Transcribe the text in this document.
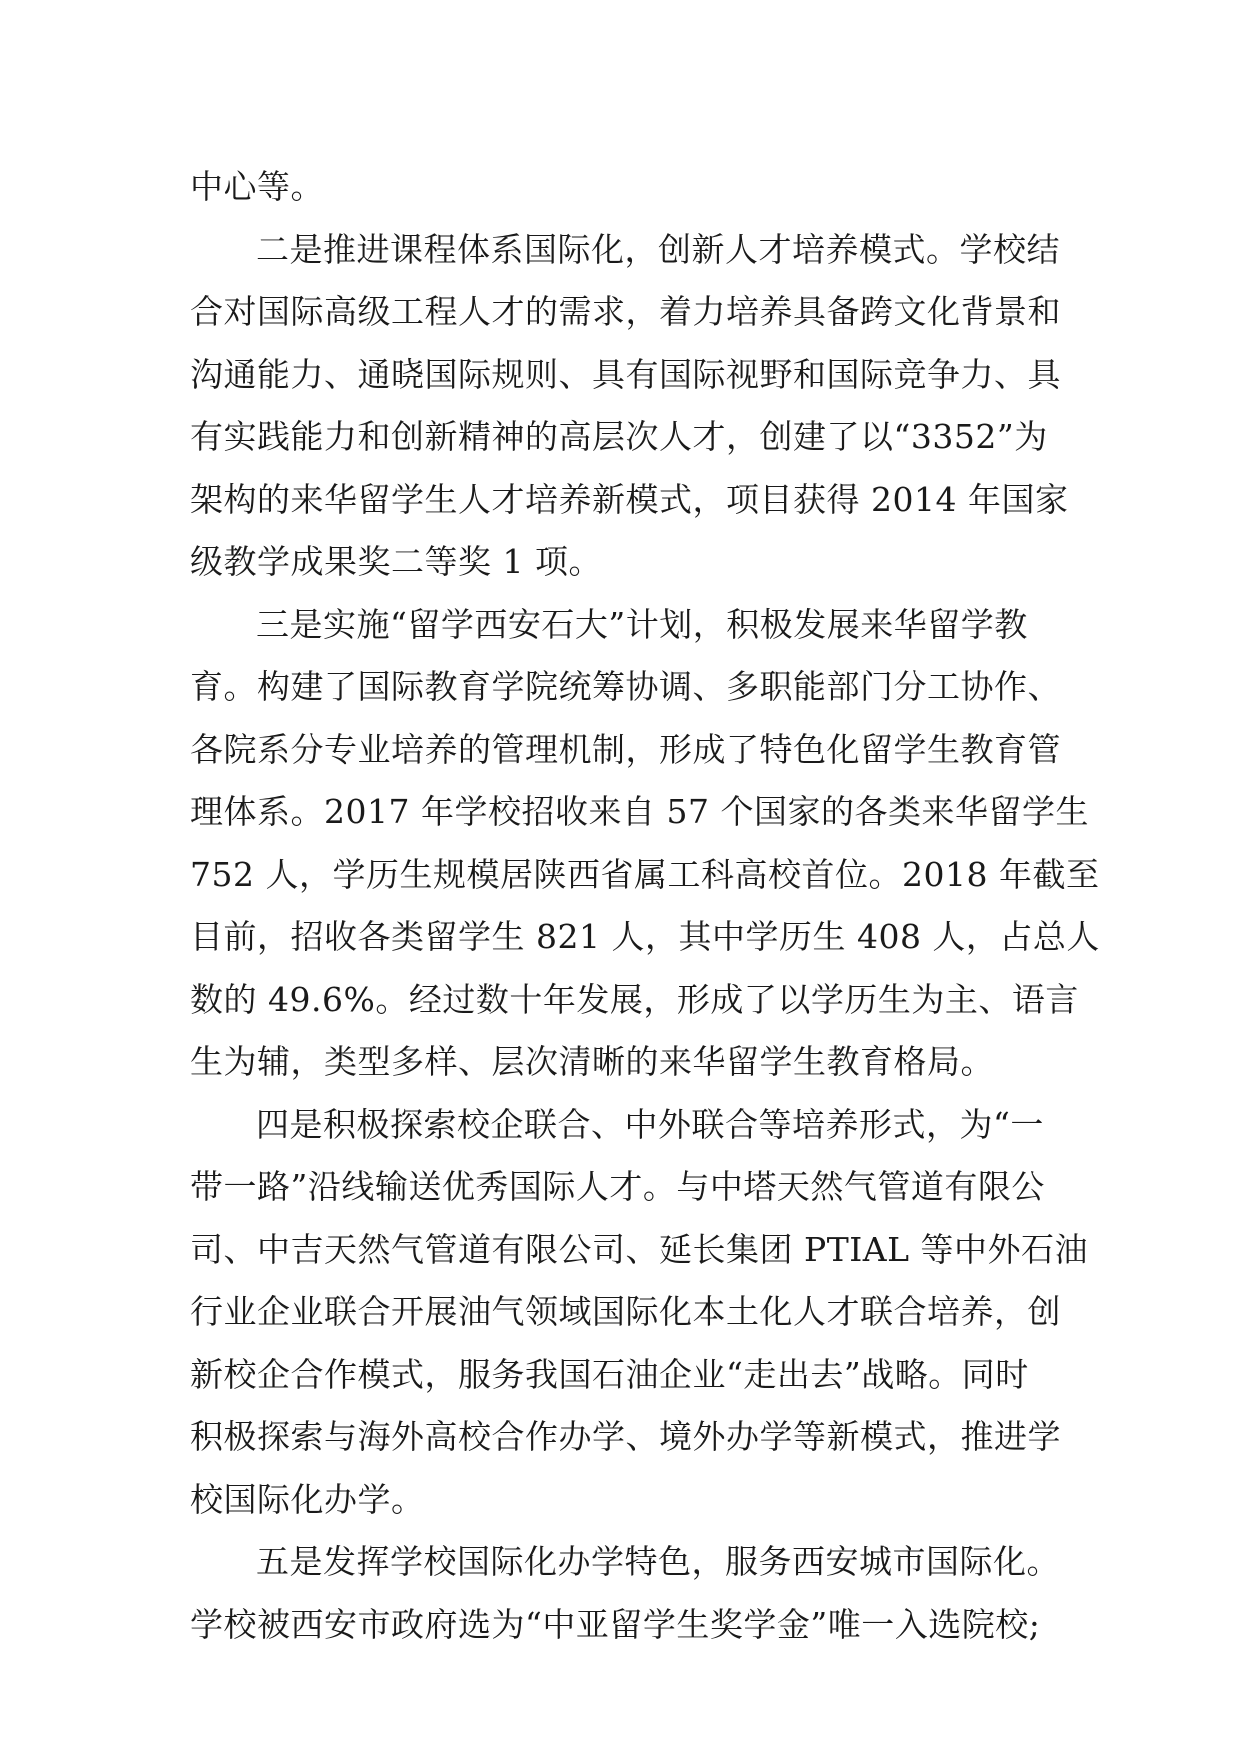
中心等。
二是推进课程体系国际化，创新人才培养模式。学校结
合对国际高级工程人才的需求，着力培养具备跨文化背景和
沟通能力、通晓国际规则、具有国际视野和国际竞争力、具
有实践能力和创新精神的高层次人才，创建了以“3352”为
架构的来华留学生人才培养新模式，项目获得 2014 年国家
级教学成果奖二等奖 1 项。
三是实施“留学西安石大”计划，积极发展来华留学教
育。构建了国际教育学院统筹协调、多职能部门分工协作、
各院系分专业培养的管理机制，形成了特色化留学生教育管
理体系。2017 年学校招收来自 57 个国家的各类来华留学生
752 人，学历生规模居陕西省属工科高校首位。2018 年截至
目前，招收各类留学生 821 人，其中学历生 408 人，占总人
数的 49.6%。经过数十年发展，形成了以学历生为主、语言
生为辅，类型多样、层次清晰的来华留学生教育格局。
四是积极探索校企联合、中外联合等培养形式，为“一
带一路”沿线输送优秀国际人才。与中塔天然气管道有限公
司、中吉天然气管道有限公司、延长集团 PTIAL 等中外石油
行业企业联合开展油气领域国际化本土化人才联合培养，创
新校企合作模式，服务我国石油企业“走出去”战略。同时
积极探索与海外高校合作办学、境外办学等新模式，推进学
校国际化办学。
五是发挥学校国际化办学特色，服务西安城市国际化。
学校被西安市政府选为“中亚留学生奖学金”唯一入选院校;
